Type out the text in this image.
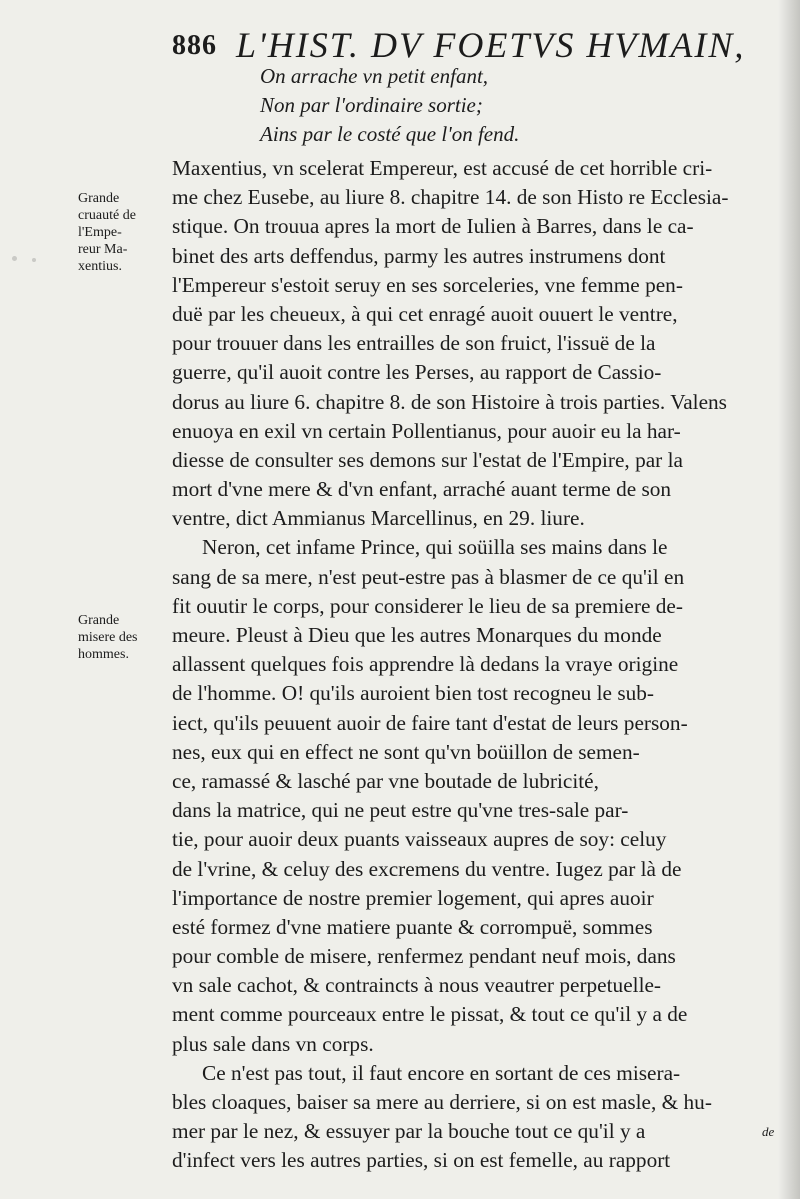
886 L'HIST. DV FOETVS HVMAIN,
On arrache vn petit enfant,
Non par l'ordinaire sortie;
Ains par le costé que l'on fend.
Maxentius, vn scelerat Empereur, est accusé de cet horrible cri-
me chez Eusebe, au liure 8. chapitre 14. de son Histo re Ecclesia-
stique. On trouua apres la mort de Iulien à Barres, dans le ca-
binet des arts deffendus, parmy les autres instrumens dont
l'Empereur s'estoit seruy en ses sorceleries, vne femme pen-
duë par les cheueux, à qui cet enragé auoit ouuert le ventre,
pour trouuer dans les entrailles de son fruict, l'issuë de la
guerre, qu'il auoit contre les Perses, au rapport de Cassio-
dorus au liure 6. chapitre 8. de son Histoire à trois parties. Valens
enuoya en exil vn certain Pollentianus, pour auoir eu la har-
diesse de consulter ses demons sur l'estat de l'Empire, par la
mort d'vne mere & d'vn enfant, arraché auant terme de son
ventre, dict Ammianus Marcellinus, en 29. liure.
Neron, cet infame Prince, qui soüilla ses mains dans le
sang de sa mere, n'est peut-estre pas à blasmer de ce qu'il en
fit ouutir le corps, pour considerer le lieu de sa premiere de-
meure. Pleust à Dieu que les autres Monarques du monde
allassent quelques fois apprendre là dedans la vraye origine
de l'homme. O! qu'ils auroient bien tost recogneu le sub-
iect, qu'ils peuuent auoir de faire tant d'estat de leurs person-
nes, eux qui en effect ne sont qu'vn boüillon de semen-
ce, ramassé & lasché par vne boutade de lubricité,
dans la matrice, qui ne peut estre qu'vne tres-sale par-
tie, pour auoir deux puants vaisseaux aupres de soy: celuy
de l'vrine, & celuy des excremens du ventre. Iugez par là de
l'importance de nostre premier logement, qui apres auoir
esté formez d'vne matiere puante & corrompuë, sommes
pour comble de misere, renfermez pendant neuf mois, dans
vn sale cachot, & contraincts à nous veautrer perpetuelle-
ment comme pourceaux entre le pissat, & tout ce qu'il y a de
plus sale dans vn corps.
Ce n'est pas tout, il faut encore en sortant de ces misera-
bles cloaques, baiser sa mere au derriere, si on est masle, & hu-
mer par le nez, & essuyer par la bouche tout ce qu'il y a
d'infect vers les autres parties, si on est femelle, au rapport
Grande
cruauté de
l'Empe-
reur Ma-
xentius.
Grande
misere des
hommes.
de
